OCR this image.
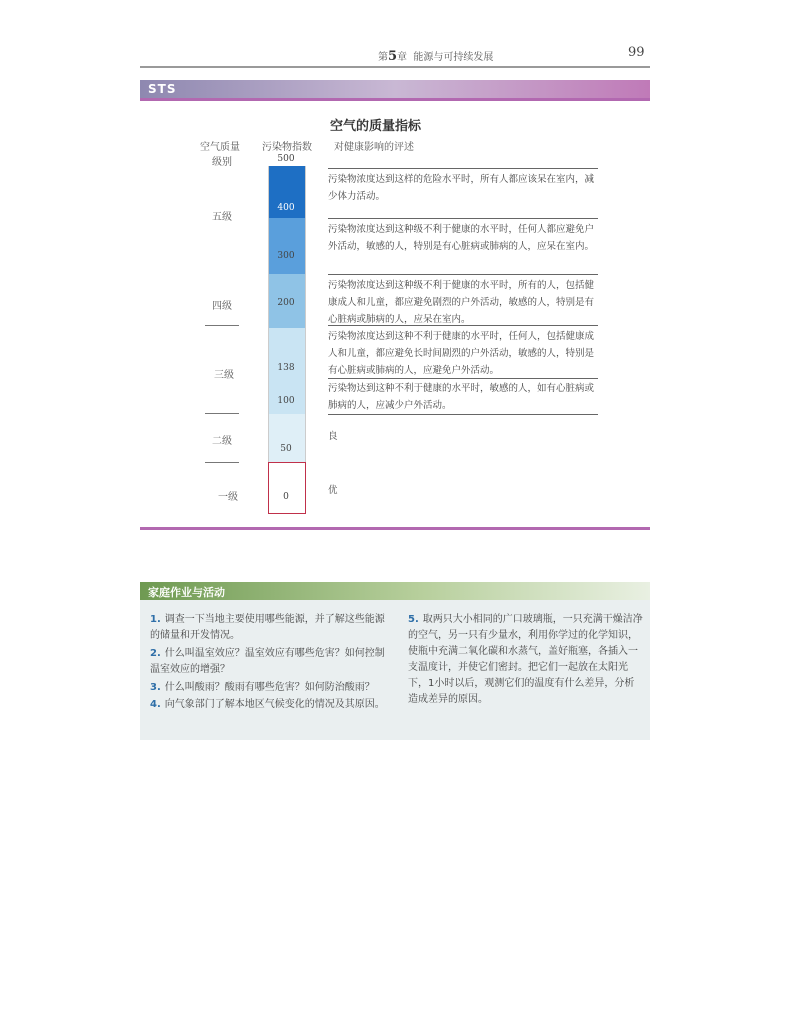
第5章 能源与可持续发展	99
STS
空气的质量指标
空气质量
级别
污染物指数 对健康影响的评述
500
400
300
200
138
100
50
0
五级
四级
三级
二级
一级
污染物浓度达到这样的危险水平时，所有人都应该呆在室内，减少体力活动。
污染物浓度达到这种级不利于健康的水平时，任何人都应避免户外活动，敏感的人，特别是有心脏病或肺病的人，应呆在室内。
污染物浓度达到这种级不利于健康的水平时，所有的人，包括健康成人和儿童，都应避免剧烈的户外活动，敏感的人，特别是有心脏病或肺病的人，应呆在室内。
污染物浓度达到这种不利于健康的水平时，任何人，包括健康成人和儿童，都应避免长时间剧烈的户外活动，敏感的人，特别是有心脏病或肺病的人，应避免户外活动。
污染物达到这种不利于健康的水平时，敏感的人，如有心脏病或肺病的人，应减少户外活动。
良
优
家庭作业与活动
1. 调查一下当地主要使用哪些能源，并了解这些能源的储量和开发情况。
2. 什么叫温室效应？温室效应有哪些危害？如何控制温室效应的增强？
3. 什么叫酸雨？酸雨有哪些危害？如何防治酸雨？
4. 向气象部门了解本地区气候变化的情况及其原因。
5. 取两只大小相同的广口玻璃瓶，一只充满干燥洁净的空气，另一只有少量水，利用你学过的化学知识，使瓶中充满二氧化碳和水蒸气，盖好瓶塞，各插入一支温度计，并使它们密封。把它们一起放在太阳光下，1小时以后，观测它们的温度有什么差异，分析造成差异的原因。
